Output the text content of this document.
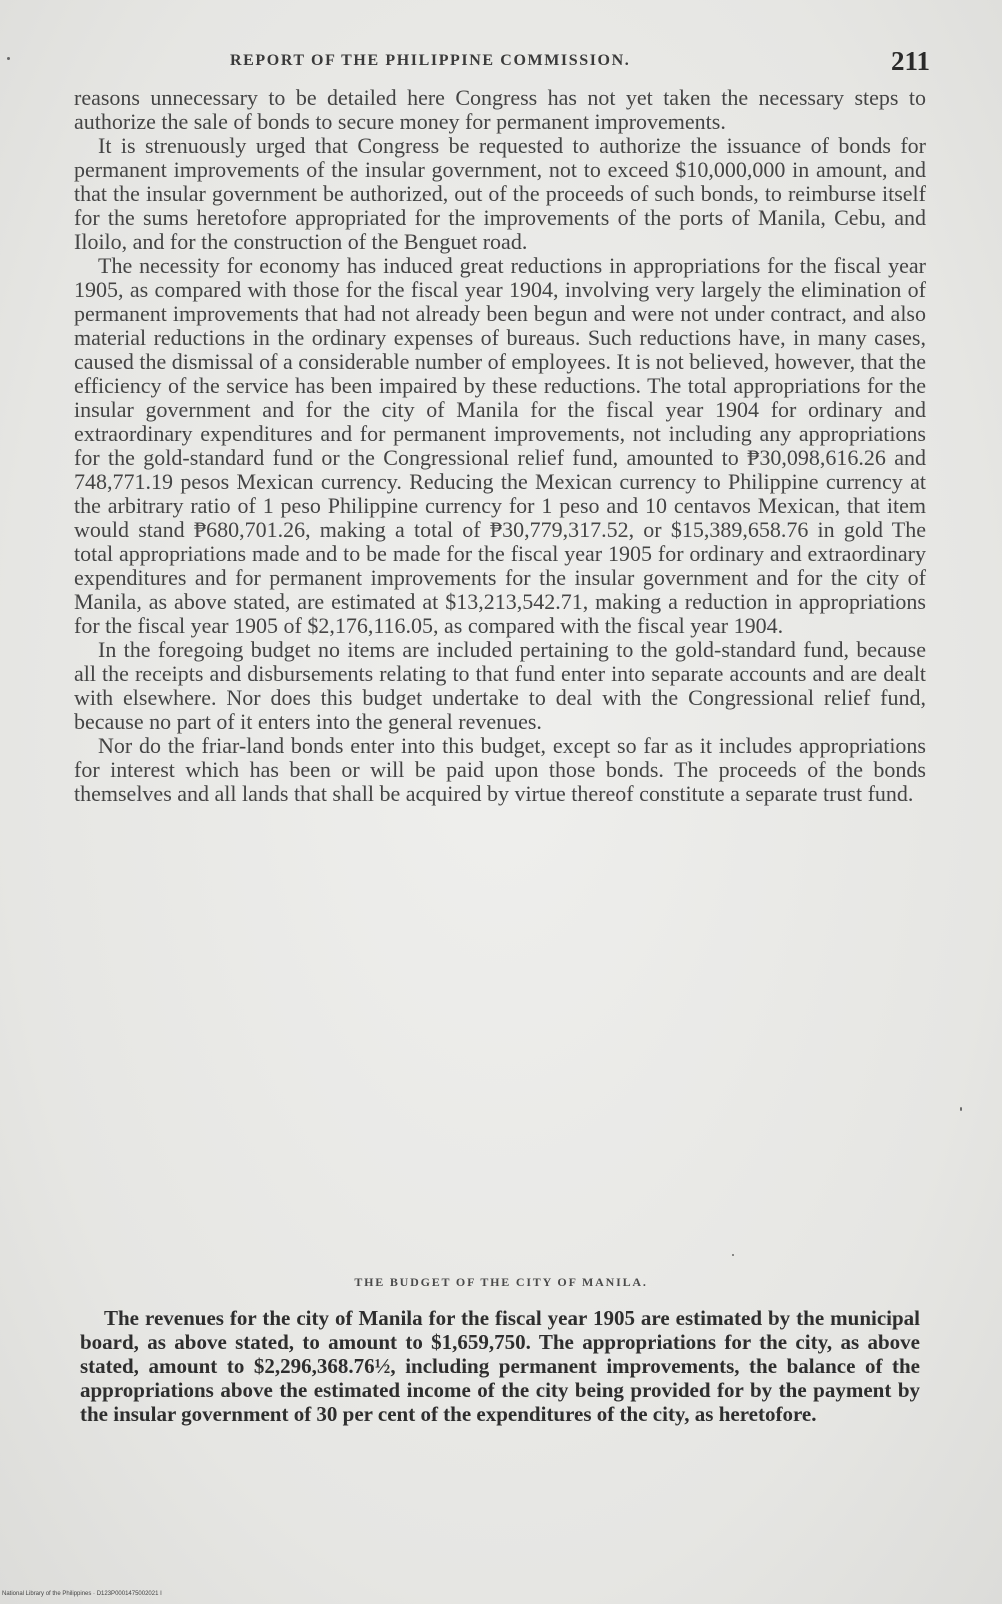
REPORT OF THE PHILIPPINE COMMISSION.	211

reasons unnecessary to be detailed here Congress has not yet taken the necessary steps to authorize the sale of bonds to secure money for permanent improvements.

It is strenuously urged that Congress be requested to authorize the issuance of bonds for permanent improvements of the insular government, not to exceed $10,000,000 in amount, and that the insular government be authorized, out of the proceeds of such bonds, to reimburse itself for the sums heretofore appropriated for the improvements of the ports of Manila, Cebu, and Iloilo, and for the construction of the Benguet road.

The necessity for economy has induced great reductions in appropriations for the fiscal year 1905, as compared with those for the fiscal year 1904, involving very largely the elimination of permanent improvements that had not already been begun and were not under contract, and also material reductions in the ordinary expenses of bureaus. Such reductions have, in many cases, caused the dismissal of a considerable number of employees. It is not believed, however, that the efficiency of the service has been impaired by these reductions. The total appropriations for the insular government and for the city of Manila for the fiscal year 1904 for ordinary and extraordinary expenditures and for permanent improvements, not including any appropriations for the gold-standard fund or the Congressional relief fund, amounted to ₱30,098,616.26 and 748,771.19 pesos Mexican currency. Reducing the Mexican currency to Philippine currency at the arbitrary ratio of 1 peso Philippine currency for 1 peso and 10 centavos Mexican, that item would stand ₱680,701.26, making a total of ₱30,779,317.52, or $15,389,658.76 in gold The total appropriations made and to be made for the fiscal year 1905 for ordinary and extraordinary expenditures and for permanent improvements for the insular government and for the city of Manila, as above stated, are estimated at $13,213,542.71, making a reduction in appropriations for the fiscal year 1905 of $2,176,116.05, as compared with the fiscal year 1904.

In the foregoing budget no items are included pertaining to the gold-standard fund, because all the receipts and disbursements relating to that fund enter into separate accounts and are dealt with elsewhere. Nor does this budget undertake to deal with the Congressional relief fund, because no part of it enters into the general revenues.

Nor do the friar-land bonds enter into this budget, except so far as it includes appropriations for interest which has been or will be paid upon those bonds. The proceeds of the bonds themselves and all lands that shall be acquired by virtue thereof constitute a separate trust fund.

THE BUDGET OF THE CITY OF MANILA.

The revenues for the city of Manila for the fiscal year 1905 are estimated by the municipal board, as above stated, to amount to $1,659,750. The appropriations for the city, as above stated, amount to $2,296,368.76½, including permanent improvements, the balance of the appropriations above the estimated income of the city being provided for by the payment by the insular government of 30 per cent of the expenditures of the city, as heretofore.

National Library of the Philippines · D123P0001475002021 I
